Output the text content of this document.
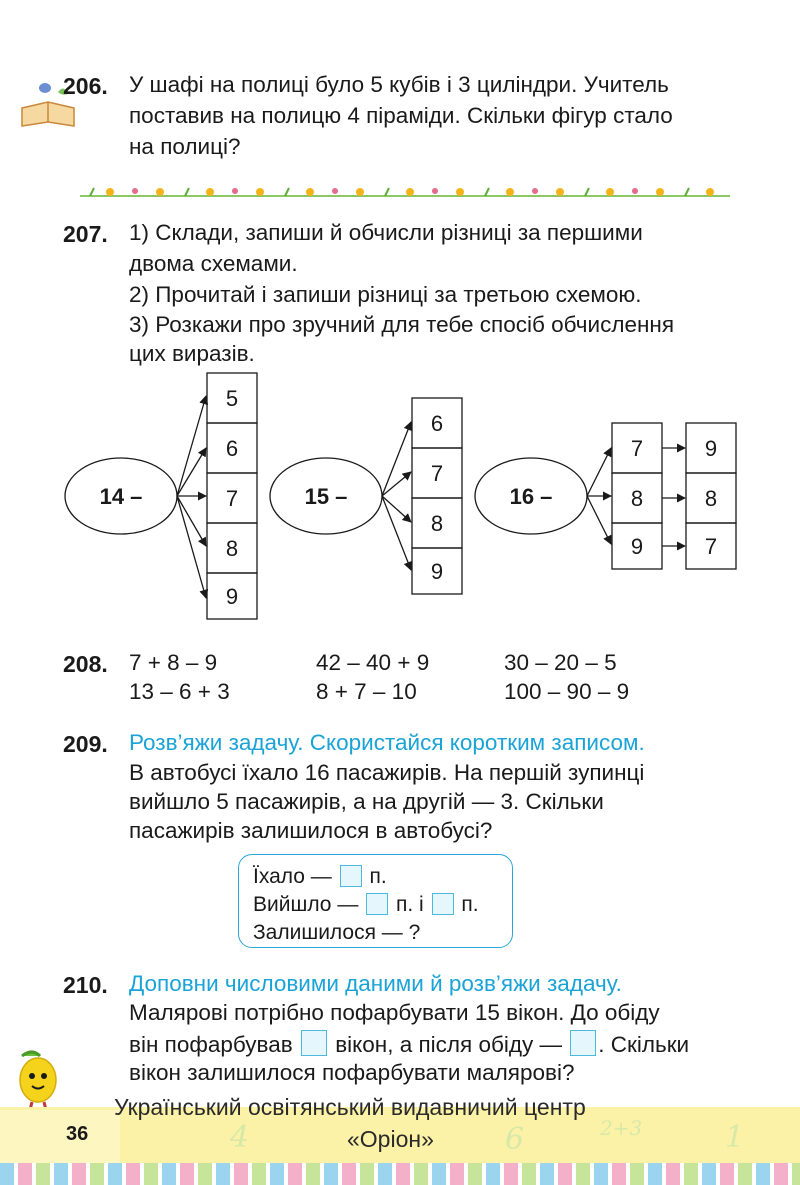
206. У шафі на полиці було 5 кубів і 3 циліндри. Учитель
поставив на полицю 4 піраміди. Скільки фігур стало
на полиці?
207. 1) Склади, запиши й обчисли різниці за першими
двома схемами.
2) Прочитай і запиши різниці за третьою схемою.
3) Розкажи про зручний для тебе спосіб обчислення
цих виразів.
14 –
5
6
7
8
9
15 –
6
7
8
9
16 –
7
8
9
9
8
7
208. 7 + 8 – 9	42 – 40 + 9	30 – 20 – 5
13 – 6 + 3	8 + 7 – 10	100 – 90 – 9
209. Розв’яжи задачу. Скористайся коротким записом.
В автобусі їхало 16 пасажирів. На першій зупинці
вийшло 5 пасажирів, а на другій — 3. Скільки
пасажирів залишилося в автобусі?
Їхало — п.
Вийшло — п. і п.
Залишилося — ?
210. Доповни числовими даними й розв’яжи задачу.
Малярові потрібно пофарбувати 15 вікон. До обіду
він пофарбував вікон, а після обіду — . Скільки
вікон залишилося пофарбувати малярові?
36	4	6	2+3	1
Український освітянський видавничий центр
«Оріон»
